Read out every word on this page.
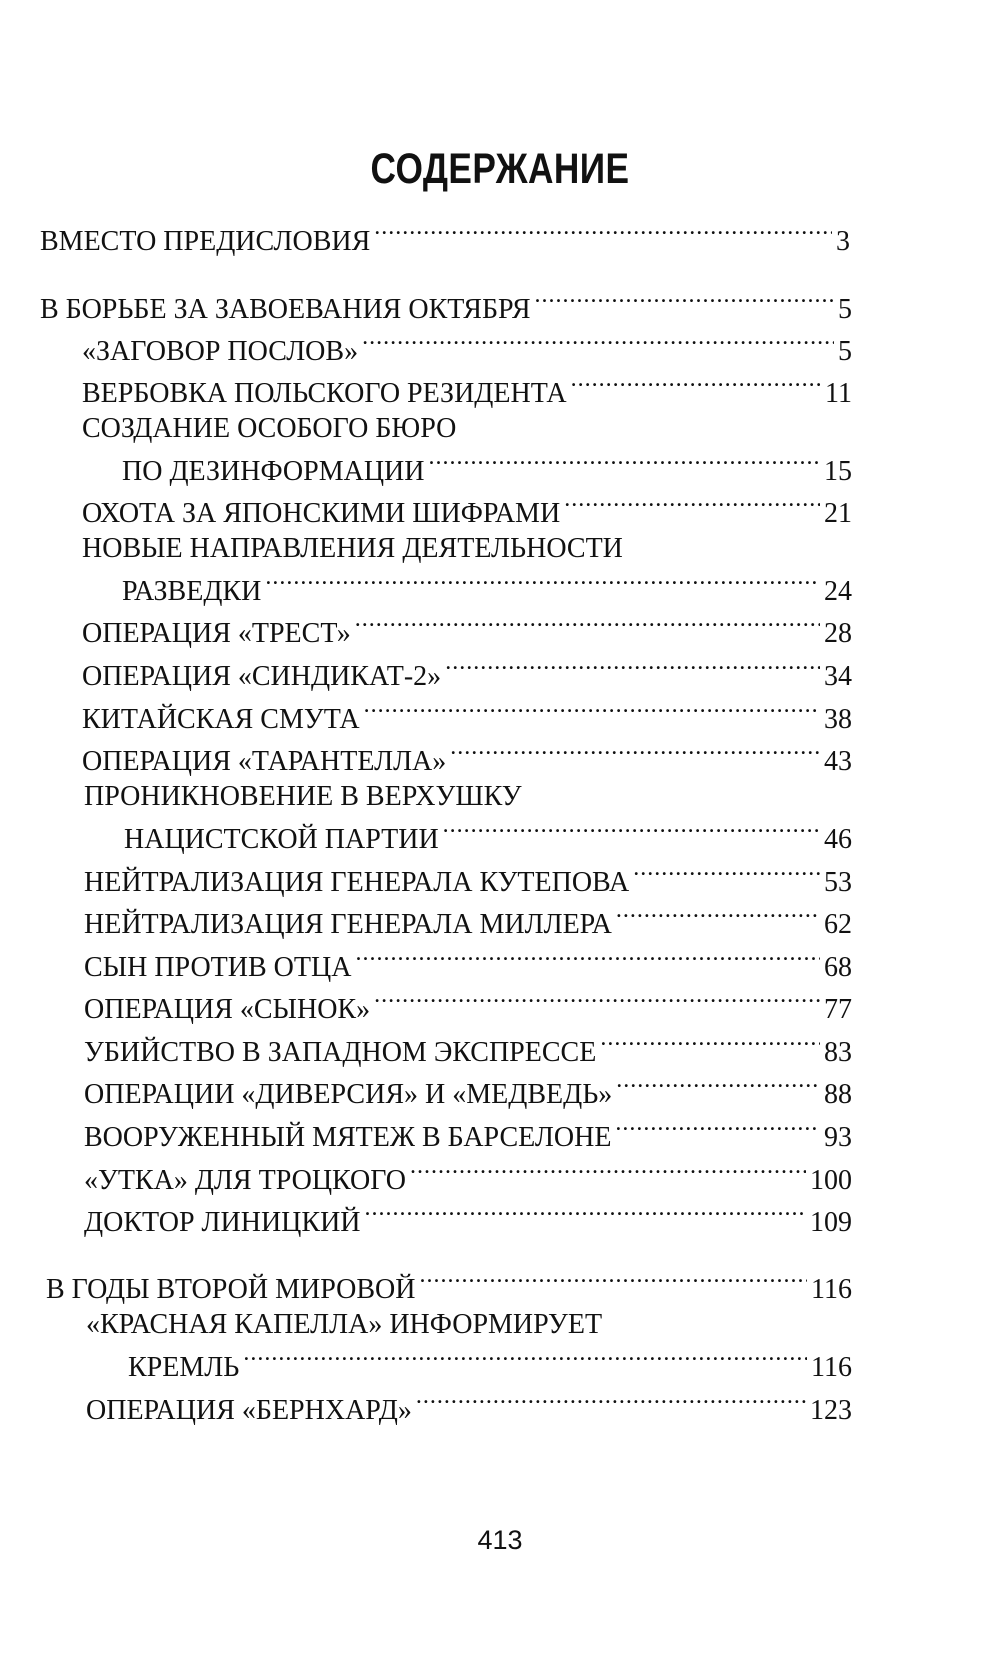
СОДЕРЖАНИЕ
ВМЕСТО ПРЕДИСЛОВИЯ .....	3
В БОРЬБЕ ЗА ЗАВОЕВАНИЯ ОКТЯБРЯ .....	5
«ЗАГОВОР ПОСЛОВ» .....	5
ВЕРБОВКА ПОЛЬСКОГО РЕЗИДЕНТА .....	11
СОЗДАНИЕ ОСОБОГО БЮРО
ПО ДЕЗИНФОРМАЦИИ .....	15
ОХОТА ЗА ЯПОНСКИМИ ШИФРАМИ .....	21
НОВЫЕ НАПРАВЛЕНИЯ ДЕЯТЕЛЬНОСТИ
РАЗВЕДКИ .....	24
ОПЕРАЦИЯ «ТРЕСТ» .....	28
ОПЕРАЦИЯ «СИНДИКАТ-2» .....	34
КИТАЙСКАЯ СМУТА .....	38
ОПЕРАЦИЯ «ТАРАНТЕЛЛА» .....	43
ПРОНИКНОВЕНИЕ В ВЕРХУШКУ
НАЦИСТСКОЙ ПАРТИИ .....	46
НЕЙТРАЛИЗАЦИЯ ГЕНЕРАЛА КУТЕПОВА .....	53
НЕЙТРАЛИЗАЦИЯ ГЕНЕРАЛА МИЛЛЕРА .....	62
СЫН ПРОТИВ ОТЦА .....	68
ОПЕРАЦИЯ «СЫНОК» .....	77
УБИЙСТВО В ЗАПАДНОМ ЭКСПРЕССЕ .....	83
ОПЕРАЦИИ «ДИВЕРСИЯ» И «МЕДВЕДЬ» .....	88
ВООРУЖЕННЫЙ МЯТЕЖ В БАРСЕЛОНЕ .....	93
«УТКА» ДЛЯ ТРОЦКОГО .....	100
ДОКТОР ЛИНИЦКИЙ .....	109
В ГОДЫ ВТОРОЙ МИРОВОЙ .....	116
«КРАСНАЯ КАПЕЛЛА» ИНФОРМИРУЕТ
КРЕМЛЬ .....	116
ОПЕРАЦИЯ «БЕРНХАРД» .....	123
413
